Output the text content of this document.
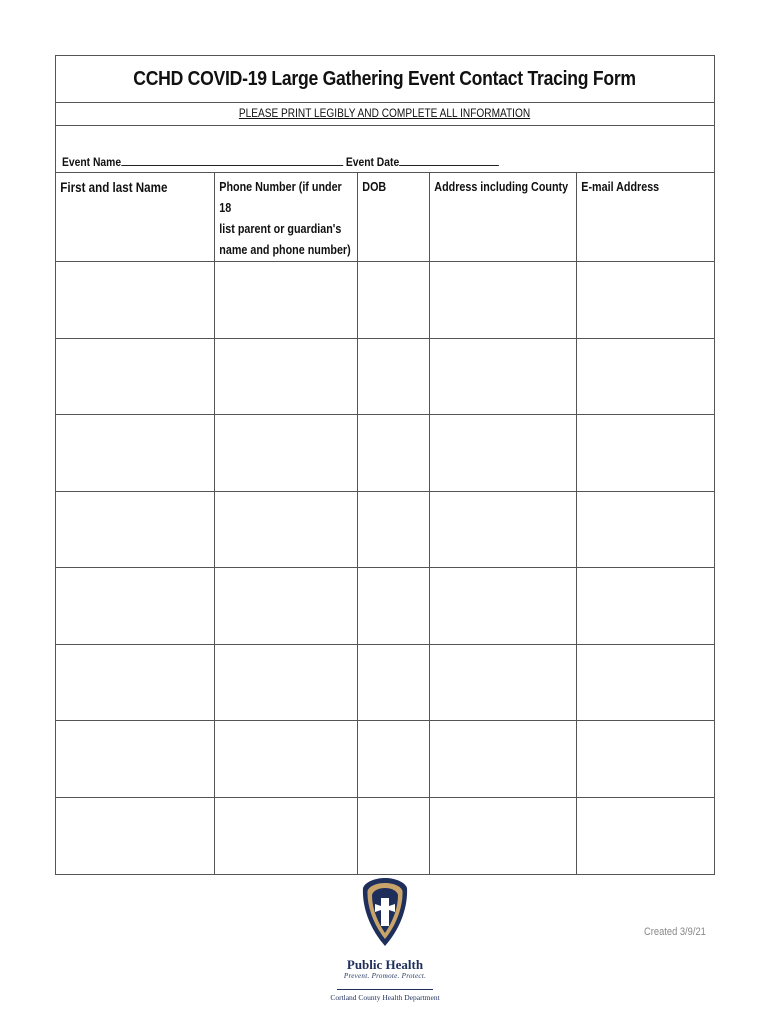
CCHD COVID-19 Large Gathering Event Contact Tracing Form
PLEASE PRINT LEGIBLY AND COMPLETE ALL INFORMATION
Event Name	Event Date
First and last Name	Phone Number (if under 18
list parent or guardian's
name and phone number)	DOB	Address including County	E-mail Address

Public Health
Prevent. Promote. Protect.
Cortland County Health Department
Created 3/9/21
